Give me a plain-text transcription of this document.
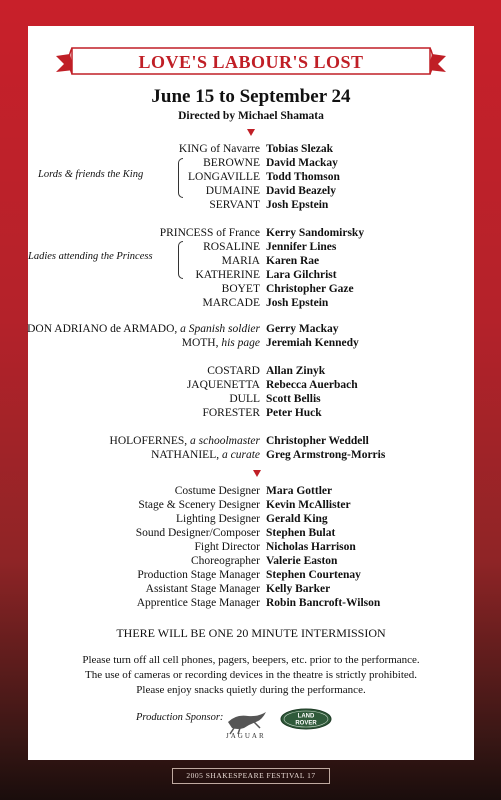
LOVE'S LABOUR'S LOST
June 15 to September 24
Directed by Michael Shamata
Lords & friends the King
KING of Navarre Tobias Slezak
BEROWNE David Mackay
LONGAVILLE Todd Thomson
DUMAINE David Beazely
SERVANT Josh Epstein
Ladies attending the Princess
PRINCESS of France Kerry Sandomirsky
ROSALINE Jennifer Lines
MARIA Karen Rae
KATHERINE Lara Gilchrist
BOYET Christopher Gaze
MARCADE Josh Epstein
DON ADRIANO de ARMADO, a Spanish soldier Gerry Mackay
MOTH, his page Jeremiah Kennedy
COSTARD Allan Zinyk
JAQUENETTA Rebecca Auerbach
DULL Scott Bellis
FORESTER Peter Huck
HOLOFERNES, a schoolmaster Christopher Weddell
NATHANIEL, a curate Greg Armstrong-Morris
Costume Designer Mara Gottler
Stage & Scenery Designer Kevin McAllister
Lighting Designer Gerald King
Sound Designer/Composer Stephen Bulat
Fight Director Nicholas Harrison
Choreographer Valerie Easton
Production Stage Manager Stephen Courtenay
Assistant Stage Manager Kelly Barker
Apprentice Stage Manager Robin Bancroft-Wilson
THERE WILL BE ONE 20 MINUTE INTERMISSION
Please turn off all cell phones, pagers, beepers, etc. prior to the performance.
The use of cameras or recording devices in the theatre is strictly prohibited.
Please enjoy snacks quietly during the performance.
Production Sponsor:
JAGUAR
LAND
ROVER
2005 SHAKESPEARE FESTIVAL 17
